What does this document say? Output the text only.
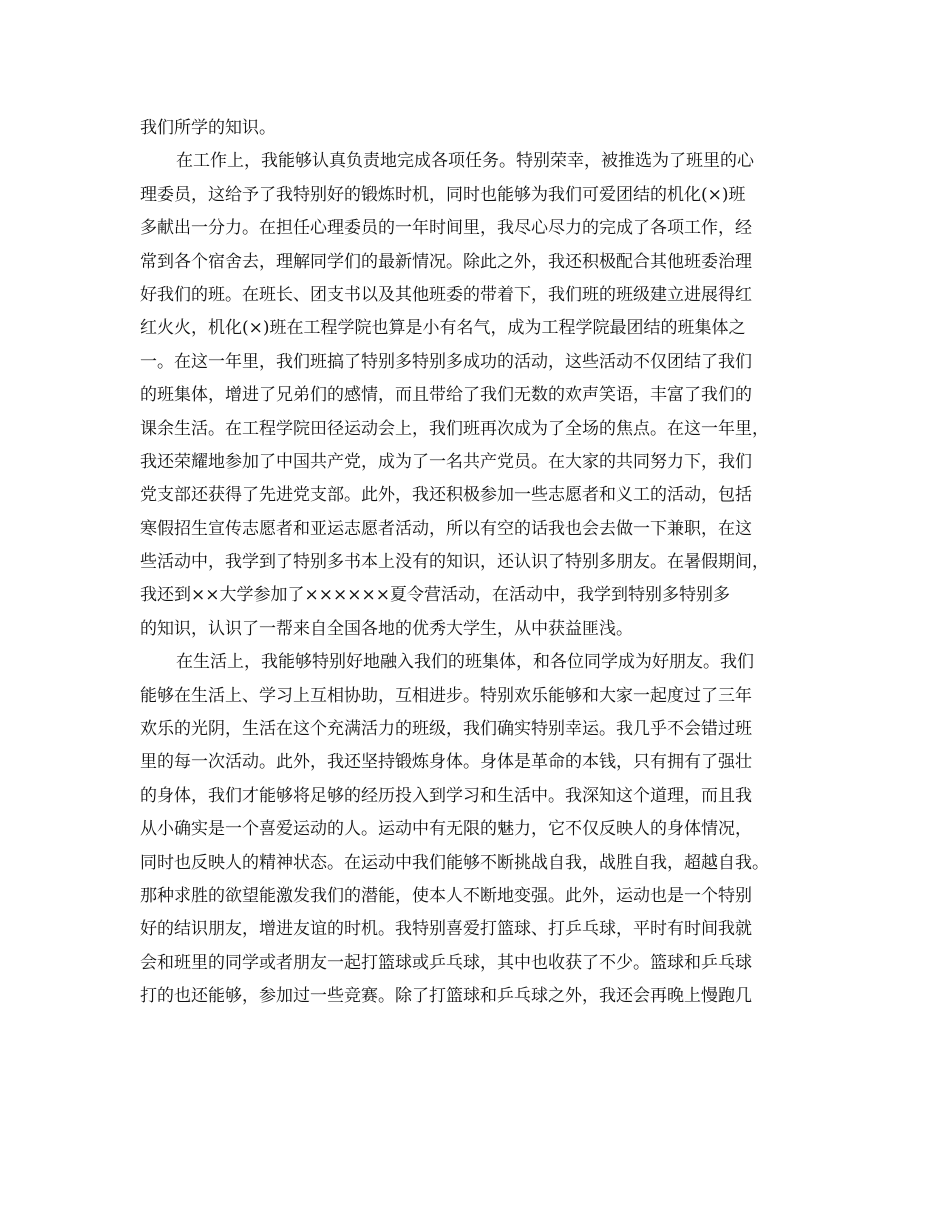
我们所学的知识。

在工作上，我能够认真负责地完成各项任务。特别荣幸，被推选为了班里的心
理委员，这给予了我特别好的锻炼时机，同时也能够为我们可爱团结的机化(×)班
多献出一分力。在担任心理委员的一年时间里，我尽心尽力的完成了各项工作，经
常到各个宿舍去，理解同学们的最新情况。除此之外，我还积极配合其他班委治理
好我们的班。在班长、团支书以及其他班委的带着下，我们班的班级建立进展得红
红火火，机化(×)班在工程学院也算是小有名气，成为工程学院最团结的班集体之
一。在这一年里，我们班搞了特别多特别多成功的活动，这些活动不仅团结了我们
的班集体，增进了兄弟们的感情，而且带给了我们无数的欢声笑语，丰富了我们的
课余生活。在工程学院田径运动会上，我们班再次成为了全场的焦点。在这一年里，
我还荣耀地参加了中国共产党，成为了一名共产党员。在大家的共同努力下，我们
党支部还获得了先进党支部。此外，我还积极参加一些志愿者和义工的活动，包括
寒假招生宣传志愿者和亚运志愿者活动，所以有空的话我也会去做一下兼职，在这
些活动中，我学到了特别多书本上没有的知识，还认识了特别多朋友。在暑假期间，
我还到××大学参加了××××××夏令营活动，在活动中，我学到特别多特别多
的知识，认识了一帮来自全国各地的优秀大学生，从中获益匪浅。

在生活上，我能够特别好地融入我们的班集体，和各位同学成为好朋友。我们
能够在生活上、学习上互相协助，互相进步。特别欢乐能够和大家一起度过了三年
欢乐的光阴，生活在这个充满活力的班级，我们确实特别幸运。我几乎不会错过班
里的每一次活动。此外，我还坚持锻炼身体。身体是革命的本钱，只有拥有了强壮
的身体，我们才能够将足够的经历投入到学习和生活中。我深知这个道理，而且我
从小确实是一个喜爱运动的人。运动中有无限的魅力，它不仅反映人的身体情况，
同时也反映人的精神状态。在运动中我们能够不断挑战自我，战胜自我，超越自我。
那种求胜的欲望能激发我们的潜能，使本人不断地变强。此外，运动也是一个特别
好的结识朋友，增进友谊的时机。我特别喜爱打篮球、打乒乓球，平时有时间我就
会和班里的同学或者朋友一起打篮球或乒乓球，其中也收获了不少。篮球和乒乓球
打的也还能够，参加过一些竞赛。除了打篮球和乒乓球之外，我还会再晚上慢跑几
